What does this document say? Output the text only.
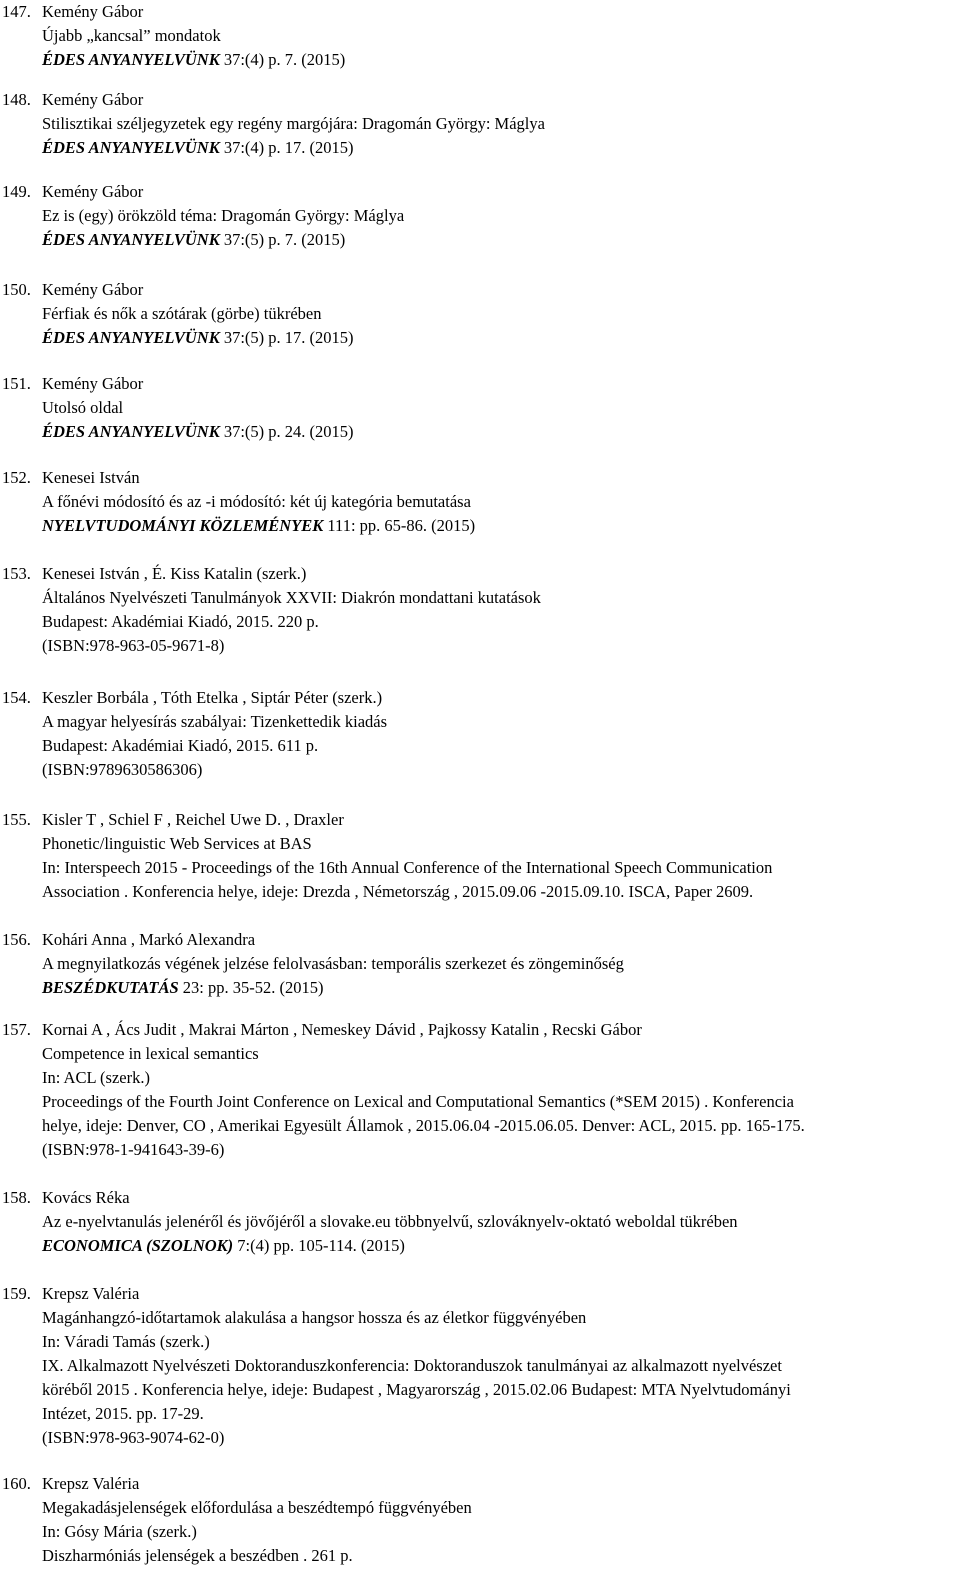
147. Kemény Gábor
Újabb „kancsal” mondatok
ÉDES ANYANYELVÜNK 37:(4) p. 7. (2015)
148. Kemény Gábor
Stilisztikai széljegyzetek egy regény margójára: Dragomán György: Máglya
ÉDES ANYANYELVÜNK 37:(4) p. 17. (2015)
149. Kemény Gábor
Ez is (egy) örökzöld téma: Dragomán György: Máglya
ÉDES ANYANYELVÜNK 37:(5) p. 7. (2015)
150. Kemény Gábor
Férfiak és nők a szótárak (görbe) tükrében
ÉDES ANYANYELVÜNK 37:(5) p. 17. (2015)
151. Kemény Gábor
Utolsó oldal
ÉDES ANYANYELVÜNK 37:(5) p. 24. (2015)
152. Kenesei István
A főnévi módosító és az -i módosító: két új kategória bemutatása
NYELVTUDOMÁNYI KÖZLEMÉNYEK 111: pp. 65-86. (2015)
153. Kenesei István , É. Kiss Katalin (szerk.)
Általános Nyelvészeti Tanulmányok XXVII: Diakrón mondattani kutatások
Budapest: Akadémiai Kiadó, 2015. 220 p.
(ISBN:978-963-05-9671-8)
154. Keszler Borbála , Tóth Etelka , Siptár Péter (szerk.)
A magyar helyesírás szabályai: Tizenkettedik kiadás
Budapest: Akadémiai Kiadó, 2015. 611 p.
(ISBN:9789630586306)
155. Kisler T , Schiel F , Reichel Uwe D. , Draxler
Phonetic/linguistic Web Services at BAS
In: Interspeech 2015 - Proceedings of the 16th Annual Conference of the International Speech Communication
Association . Konferencia helye, ideje: Drezda , Németország , 2015.09.06 -2015.09.10. ISCA, Paper 2609.
156. Kohári Anna , Markó Alexandra
A megnyilatkozás végének jelzése felolvasásban: temporális szerkezet és zöngeminőség
BESZÉDKUTATÁS 23: pp. 35-52. (2015)
157. Kornai A , Ács Judit , Makrai Márton , Nemeskey Dávid , Pajkossy Katalin , Recski Gábor
Competence in lexical semantics
In: ACL (szerk.)
Proceedings of the Fourth Joint Conference on Lexical and Computational Semantics (*SEM 2015) . Konferencia
helye, ideje: Denver, CO , Amerikai Egyesült Államok , 2015.06.04 -2015.06.05. Denver: ACL, 2015. pp. 165-175.
(ISBN:978-1-941643-39-6)
158. Kovács Réka
Az e-nyelvtanulás jelenéről és jövőjéről a slovake.eu többnyelvű, szlováknyelv-oktató weboldal tükrében
ECONOMICA (SZOLNOK) 7:(4) pp. 105-114. (2015)
159. Krepsz Valéria
Magánhangzó-időtartamok alakulása a hangsor hossza és az életkor függvényében
In: Váradi Tamás (szerk.)
IX. Alkalmazott Nyelvészeti Doktoranduszkonferencia: Doktoranduszok tanulmányai az alkalmazott nyelvészet
köréből 2015 . Konferencia helye, ideje: Budapest , Magyarország , 2015.02.06 Budapest: MTA Nyelvtudományi
Intézet, 2015. pp. 17-29.
(ISBN:978-963-9074-62-0)
160. Krepsz Valéria
Megakadásjelenségek előfordulása a beszédtempó függvényében
In: Gósy Mária (szerk.)
Diszharmóniás jelenségek a beszédben . 261 p.
